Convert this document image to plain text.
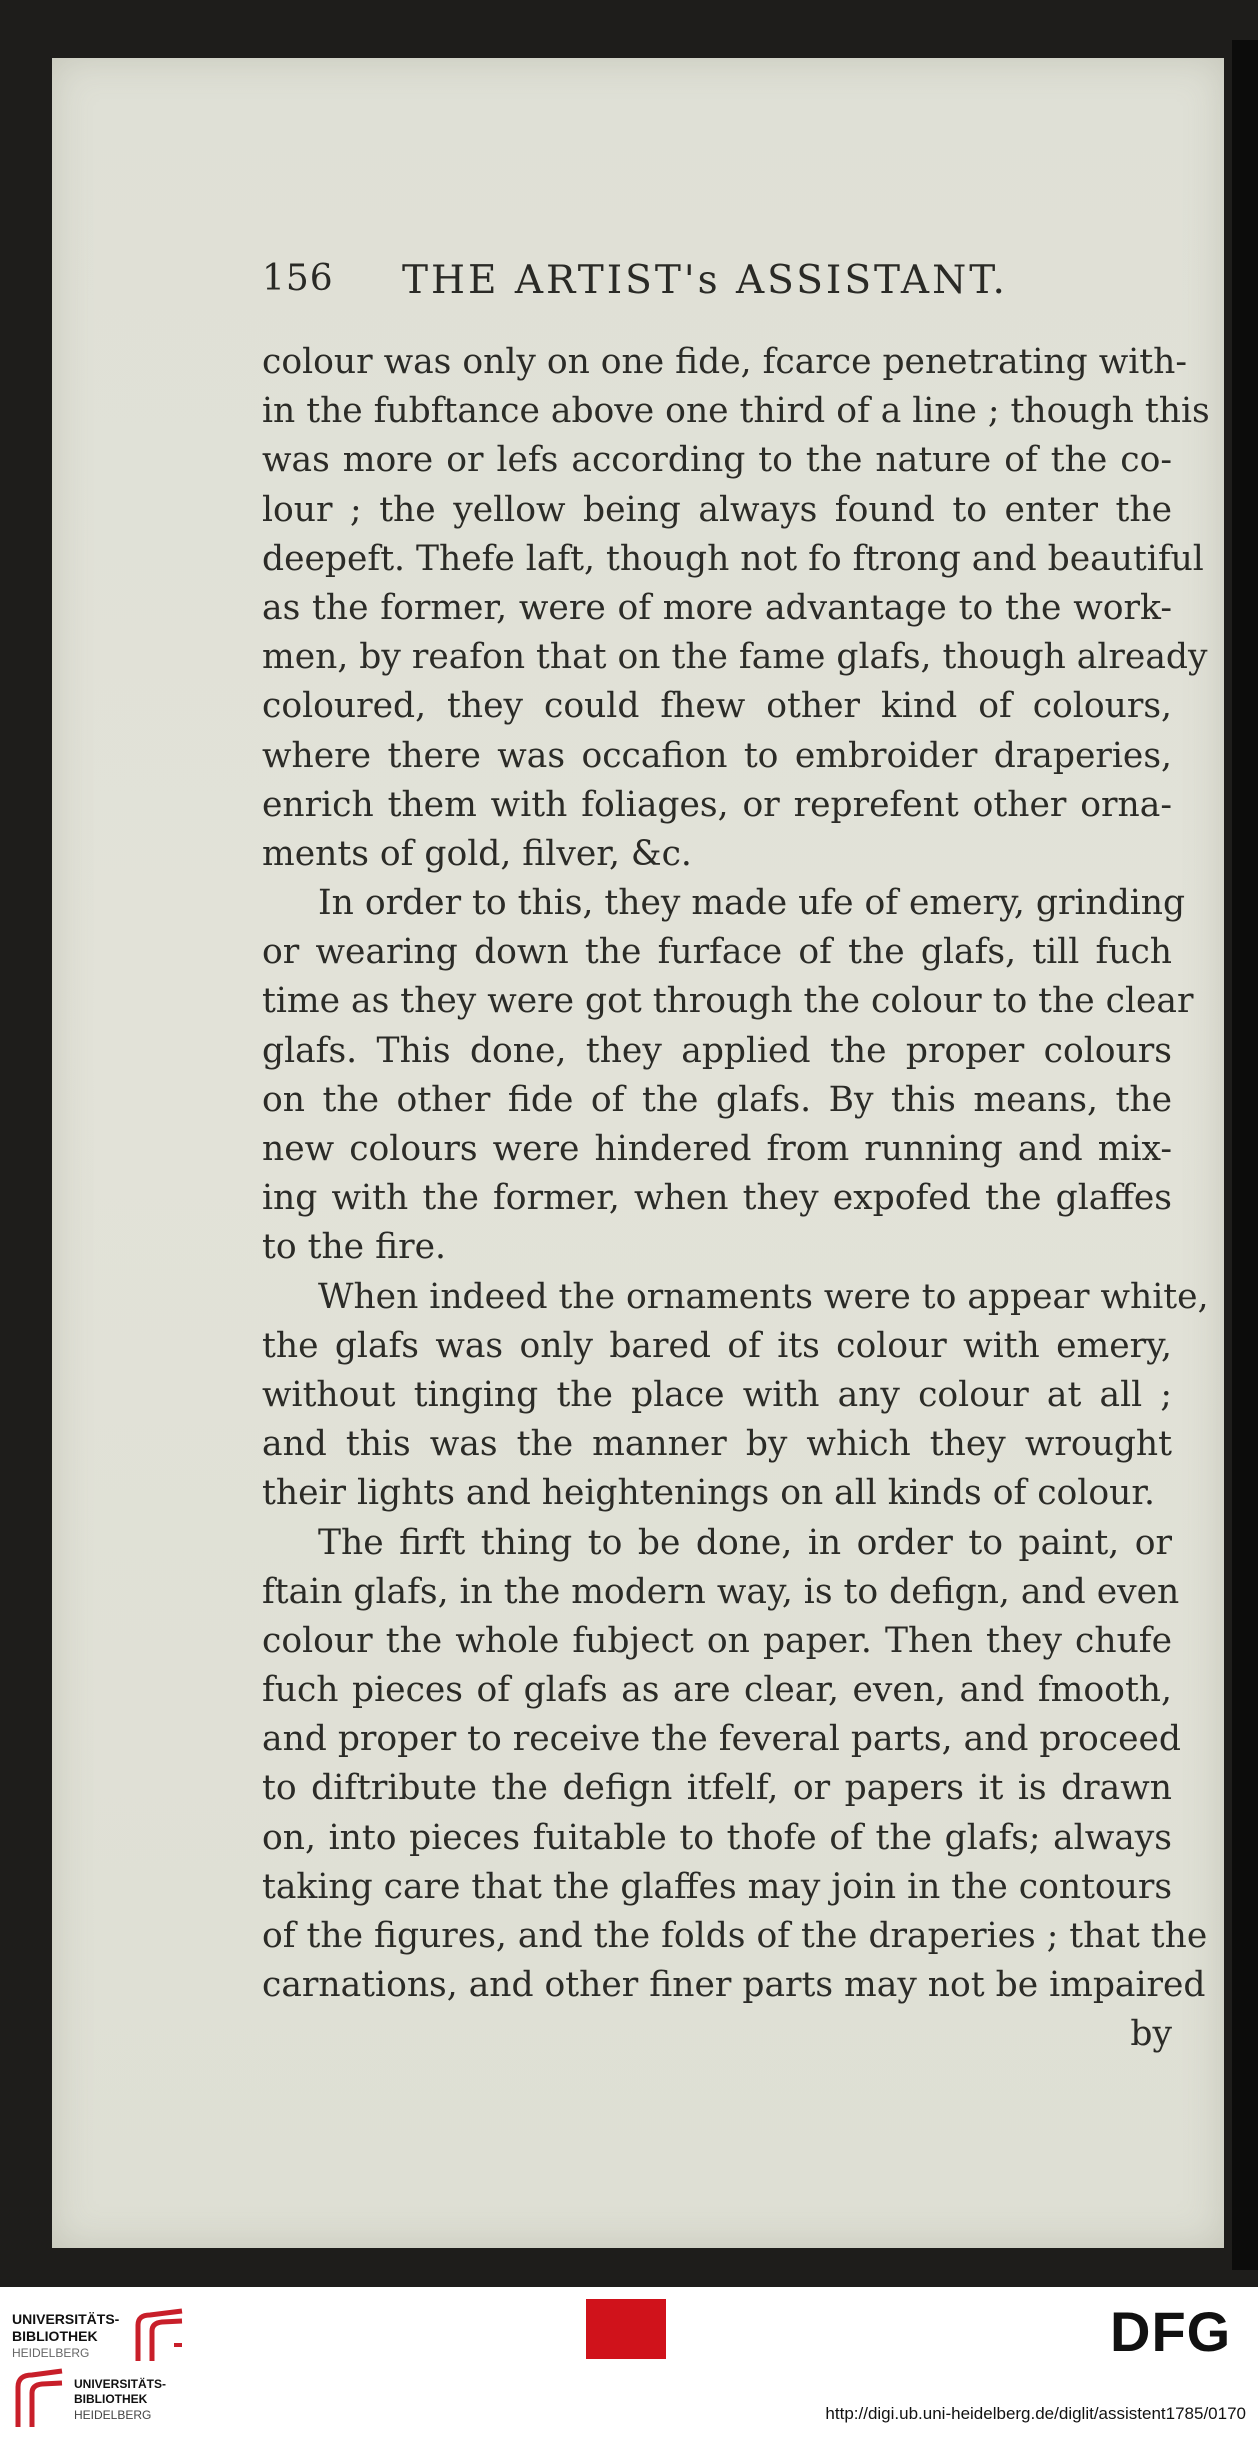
156 THE ARTIST's ASSISTANT.
colour was only on one fide, fcarce penetrating with-
in the fubftance above one third of a line ; though this
was more or lefs according to the nature of the co-
lour ; the yellow being always found to enter the
deepeft. Thefe laft, though not fo ftrong and beautiful
as the former, were of more advantage to the work-
men, by reafon that on the fame glafs, though already
coloured, they could fhew other kind of colours,
where there was occafion to embroider draperies,
enrich them with foliages, or reprefent other orna-
ments of gold, filver, &c.
In order to this, they made ufe of emery, grinding
or wearing down the furface of the glafs, till fuch
time as they were got through the colour to the clear
glafs. This done, they applied the proper colours
on the other fide of the glafs. By this means, the
new colours were hindered from running and mix-
ing with the former, when they expofed the glaffes
to the fire.
When indeed the ornaments were to appear white,
the glafs was only bared of its colour with emery,
without tinging the place with any colour at all ;
and this was the manner by which they wrought
their lights and heightenings on all kinds of colour.
The firft thing to be done, in order to paint, or
ftain glafs, in the modern way, is to defign, and even
colour the whole fubject on paper. Then they chufe
fuch pieces of glafs as are clear, even, and fmooth,
and proper to receive the feveral parts, and proceed
to diftribute the defign itfelf, or papers it is drawn
on, into pieces fuitable to thofe of the glafs; always
taking care that the glaffes may join in the contours
of the figures, and the folds of the draperies ; that the
carnations, and other finer parts may not be impaired
by
UNIVERSITÄTS- BIBLIOTHEK
HEIDELBERG
UNIVERSITÄTS- BIBLIOTHEK
HEIDELBERG
DFG
http://digi.ub.uni-heidelberg.de/diglit/assistent1785/0170
